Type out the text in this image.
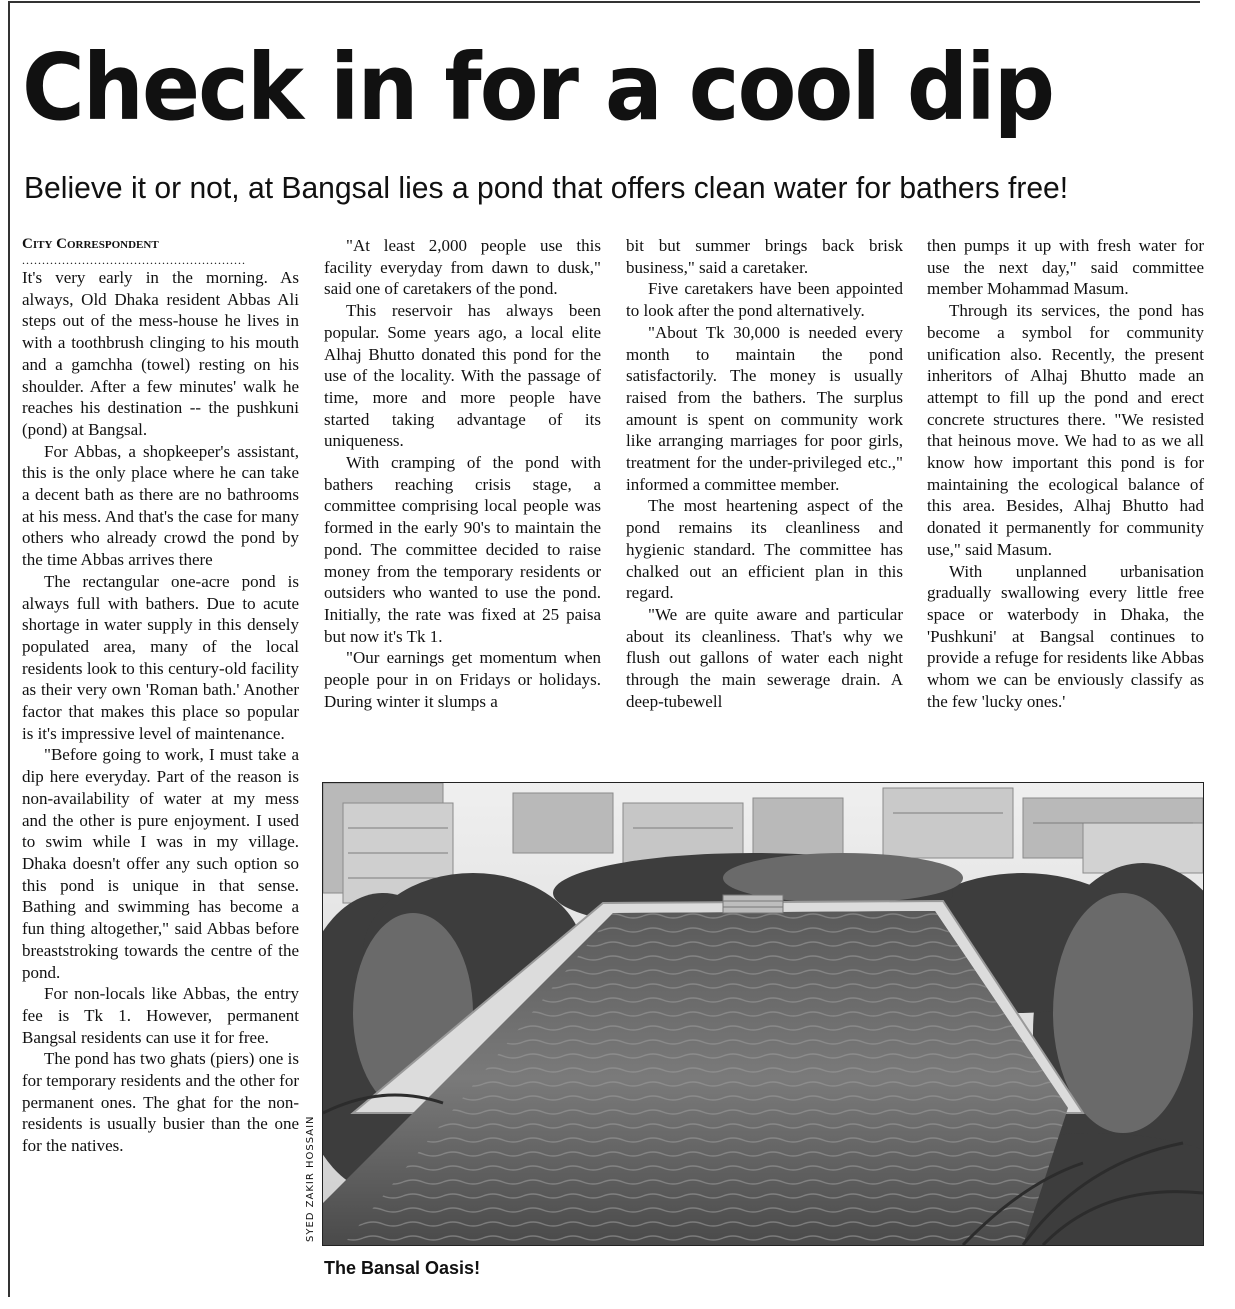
Check in for a cool dip
Believe it or not, at Bangsal lies a pond that offers clean water for bathers free!

City Correspondent

........................................................

It's very early in the morning. As always, Old Dhaka resident Abbas Ali steps out of the mess-house he lives in with a toothbrush clinging to his mouth and a gamchha (towel) resting on his shoulder. After a few minutes' walk he reaches his destination -- the pushkuni (pond) at Bangsal.

For Abbas, a shopkeeper's assistant, this is the only place where he can take a decent bath as there are no bathrooms at his mess. And that's the case for many others who already crowd the pond by the time Abbas arrives there

The rectangular one-acre pond is always full with bathers. Due to acute shortage in water supply in this densely populated area, many of the local residents look to this century-old facility as their very own 'Roman bath.' Another factor that makes this place so popular is it's impressive level of maintenance.

"Before going to work, I must take a dip here everyday. Part of the reason is non-availability of water at my mess and the other is pure enjoyment. I used to swim while I was in my village. Dhaka doesn't offer any such option so this pond is unique in that sense. Bathing and swimming has become a fun thing altogether," said Abbas before breaststroking towards the centre of the pond.

For non-locals like Abbas, the entry fee is Tk 1. However, permanent Bangsal residents can use it for free.

The pond has two ghats (piers) one is for temporary residents and the other for permanent ones. The ghat for the non-residents is usually busier than the one for the natives.

"At least 2,000 people use this facility everyday from dawn to dusk," said one of caretakers of the pond.

This reservoir has always been popular. Some years ago, a local elite Alhaj Bhutto donated this pond for the use of the locality. With the passage of time, more and more people have started taking advantage of its uniqueness.

With cramping of the pond with bathers reaching crisis stage, a committee comprising local people was formed in the early 90's to maintain the pond. The committee decided to raise money from the temporary residents or outsiders who wanted to use the pond. Initially, the rate was fixed at 25 paisa but now it's Tk 1.

"Our earnings get momentum when people pour in on Fridays or holidays. During winter it slumps a

bit but summer brings back brisk business," said a caretaker.

Five caretakers have been appointed to look after the pond alternatively.

"About Tk 30,000 is needed every month to maintain the pond satisfactorily. The money is usually raised from the bathers. The surplus amount is spent on community work like arranging marriages for poor girls, treatment for the under-privileged etc.," informed a committee member.

The most heartening aspect of the pond remains its cleanliness and hygienic standard. The committee has chalked out an efficient plan in this regard.

"We are quite aware and particular about its cleanliness. That's why we flush out gallons of water each night through the main sewerage drain. A deep-tubewell

then pumps it up with fresh water for use the next day," said committee member Mohammad Masum.

Through its services, the pond has become a symbol for community unification also. Recently, the present inheritors of Alhaj Bhutto made an attempt to fill up the pond and erect concrete structures there. "We resisted that heinous move. We had to as we all know how important this pond is for maintaining the ecological balance of this area. Besides, Alhaj Bhutto had donated it permanently for community use," said Masum.

With unplanned urbanisation gradually swallowing every little free space or waterbody in Dhaka, the 'Pushkuni' at Bangsal continues to provide a refuge for residents like Abbas whom we can be enviously classify as the few 'lucky ones.'

SYED ZAKIR HOSSAIN
The Bansal Oasis!
